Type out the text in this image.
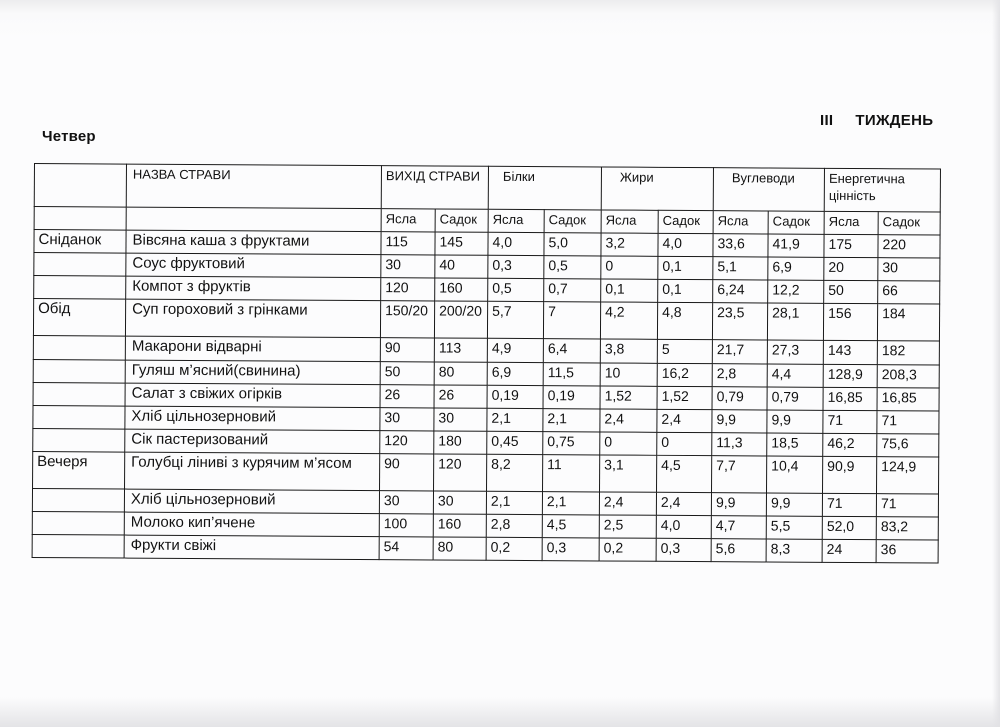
Четвер
ІІІ ТИЖДЕНЬ
	НАЗВА СТРАВИ	ВИХІД СТРАВИ		Білки		Жири		Вуглеводи		Енергетична цінність	
		Ясла	Садок	Ясла	Садок	Ясла	Садок	Ясла	Садок	Ясла	Садок
Сніданок	Вівсяна каша з фруктами	115	145	4,0	5,0	3,2	4,0	33,6	41,9	175	220
	Соус фруктовий	30	40	0,3	0,5	0	0,1	5,1	6,9	20	30
	Компот з фруктів	120	160	0,5	0,7	0,1	0,1	6,24	12,2	50	66
Обід	Суп гороховий з грінками	150/20	200/20	5,7	7	4,2	4,8	23,5	28,1	156	184
	Макарони відварні	90	113	4,9	6,4	3,8	5	21,7	27,3	143	182
	Гуляш м’ясний(свинина)	50	80	6,9	11,5	10	16,2	2,8	4,4	128,9	208,3
	Салат з свіжих огірків	26	26	0,19	0,19	1,52	1,52	0,79	0,79	16,85	16,85
	Хліб цільнозерновий	30	30	2,1	2,1	2,4	2,4	9,9	9,9	71	71
	Сік пастеризований	120	180	0,45	0,75	0	0	11,3	18,5	46,2	75,6
Вечеря	Голубці ліниві з курячим м’ясом	90	120	8,2	11	3,1	4,5	7,7	10,4	90,9	124,9
	Хліб цільнозерновий	30	30	2,1	2,1	2,4	2,4	9,9	9,9	71	71
	Молоко кип’ячене	100	160	2,8	4,5	2,5	4,0	4,7	5,5	52,0	83,2
	Фрукти свіжі	54	80	0,2	0,3	0,2	0,3	5,6	8,3	24	36
